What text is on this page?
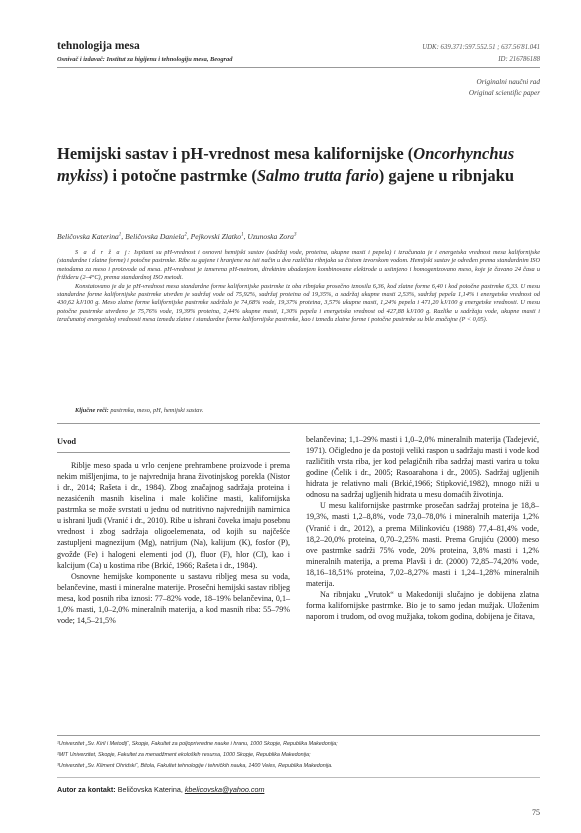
tehnologija mesa
Osnivač i izdavač: Institut za higijenu i tehnologiju mesa, Beograd
UDK: 639.371:597.552.51 ; 637.56'81.041
ID: 216786188
Originalni naučni rad
Original scientific paper
Hemijski sastav i pH-vrednost mesa kalifornijske (Oncorhynchus mykiss) i potočne pastrmke (Salmo trutta fario) gajene u ribnjaku
Beličovska Katerina$^1$, Beličovska Daniela$^2$, Pejkovski Zlatko$^1$, Uzunoska Zora$^3$

S a d r ž a j: Ispitani su pH-vrednost i osnovni hemijski sastav (sadržaj vode, proteina, ukupne masti i pepela) i izračunata je i energetska vrednost mesa kalifornijske (standardne i zlatne forme) i potočne pastrmke. Ribe su gajene i hranjene na isti način u dva različita ribnjaka sa čistom izvorskom vodom. Hemijski sastav je određen prema standardnim ISO metodama za meso i proizvode od mesa. pH-vrednost je izmerena pH-metrom, direktnim ubadanjem kombinovane elektrode u usitnjeno i homogenizovano meso, koje je čuvano 24 časa u frižideru (2–4°C), prema standardnoj ISO metodi.

Konstatovano je da je pH-vrednost mesa standardne forme kalifornijske pastrmke iz oba ribnjaka prosečno iznosila 6,36, kod zlatne forme 6,40 i kod potočne pastrmke 6,33. U mesu standardne forme kalifornijske pastrmke utvrđen je sadržaj vode od 75,92%, sadržaj proteina od 19,35%, a sadržaj ukupne masti 2,53%, sadržaj pepela 1,14% i energetska vrednost od 430,62 kJ/100 g. Meso zlatne forme kalifornijske pastrmke sadržalo je 74,68% vode, 19,37% proteina, 3,57% ukupne masti, 1,24% pepela i 471,20 kJ/100 g energetske vrednosti. U mesu potočne pastrmke utvrđeno je 75,76% vode, 19,39% proteina, 2,44% ukupne masti, 1,30% pepela i energetska vrednost od 427,88 kJ/100 g. Razlike u sadržaju vode, ukupne masti i izračunatoj energetskoj vrednosti mesa između zlatne i standardne forme kalifornijske pastrmke, kao i između zlatne forme i potočne pastrmke su bile značajne (P < 0,05).

Ključne reči: pastrmka, meso, pH, hemijski sastav.
Uvod

Riblje meso spada u vrlo cenjene prehrambene proizvode i prema nekim mišljenjima, to je najvrednija hrana životinjskog porekla (Nistor i dr., 2014; Rašeta i dr., 1984). Zbog značajnog sadržaja proteina i nezasićenih masnih kiselina i male količine masti, kalifornijska pastrmka se može svrstati u jednu od nutritivno najvrednijih namirnica u ishrani ljudi (Vranić i dr., 2010). Ribe u ishrani čoveka imaju posebnu vrednost i zbog sadržaja oligoelemenata, od kojih su najčešće zastupljeni magnezijum (Mg), natrijum (Na), kalijum (K), fosfor (P), gvožđe (Fe) i halogeni elementi jod (J), fluor (F), hlor (Cl), kao i kalcijum (Ca) u kostima ribe (Brkić, 1966; Rašeta i dr., 1984).

Osnovne hemijske komponente u sastavu ribljeg mesa su voda, belančevine, masti i mineralne materije. Prosečni hemijski sastav ribljeg mesa, kod posnih riba iznosi: 77–82% vode, 18–19% belančevina, 0,1–1,0% masti, 1,0–2,0% mineralnih materija, a kod masnih riba: 55–79% vode; 14,5–21,5%

belančevina; 1,1–29% masti i 1,0–2,0% mineralnih materija (Tadejević, 1971). Očigledno je da postoji veliki raspon u sadržaju masti i vode kod različitih vrsta riba, jer kod pelagičnih riba sadržaj masti varira u toku godine (Čelik i dr., 2005; Rasoarahona i dr., 2005). Sadržaj ugljenih hidrata je relativno mali (Brkić,1966; Stipković,1982), mnogo niži u odnosu na sadržaj ugljenih hidrata u mesu domaćih životinja.

U mesu kalifornijske pastrmke prosečan sadržaj proteina je 18,8–19,3%, masti 1,2–8,8%, vode 73,0–78,0% i mineralnih materija 1,2% (Vranić i dr., 2012), a prema Milinkoviću (1988) 77,4–81,4% vode, 18,2–20,0% proteina, 0,70–2,25% masti. Prema Grujiću (2000) meso ove pastrmke sadrži 75% vode, 20% proteina, 3,8% masti i 1,2% mineralnih materija, a prema Plavši i dr. (2000) 72,85–74,20% vode, 18,16–18,51% proteina, 7,02–8,27% masti i 1,24–1,28% mineralnih materija.

Na ribnjaku „Vrutok“ u Makedoniji slučajno je dobijena zlatna forma kalifornijske pastrmke. Bio je to samo jedan mužjak. Uloženim naporom i trudom, od ovog mužjaka, tokom godina, dobijena je čitava,

¹Univerzitet „Sv. Kiril i Metodij“, Skopje, Fakultet za poljoprivredne nauke i hranu, 1000 Skopje, Republika Makedonija;
²MIT Univerzitet, Skopje, Fakultet za menadžment ekoloških resursa, 1000 Skopje, Republika Makedonija;
³Univerzitet „Sv. Kliment Ohridski“, Bitola, Fakultet tehnologije i tehničkih nauka, 1400 Veles, Republika Makedonija.
Autor za kontakt: Beličovska Katerina, kbelicovska@yahoo.com
75
